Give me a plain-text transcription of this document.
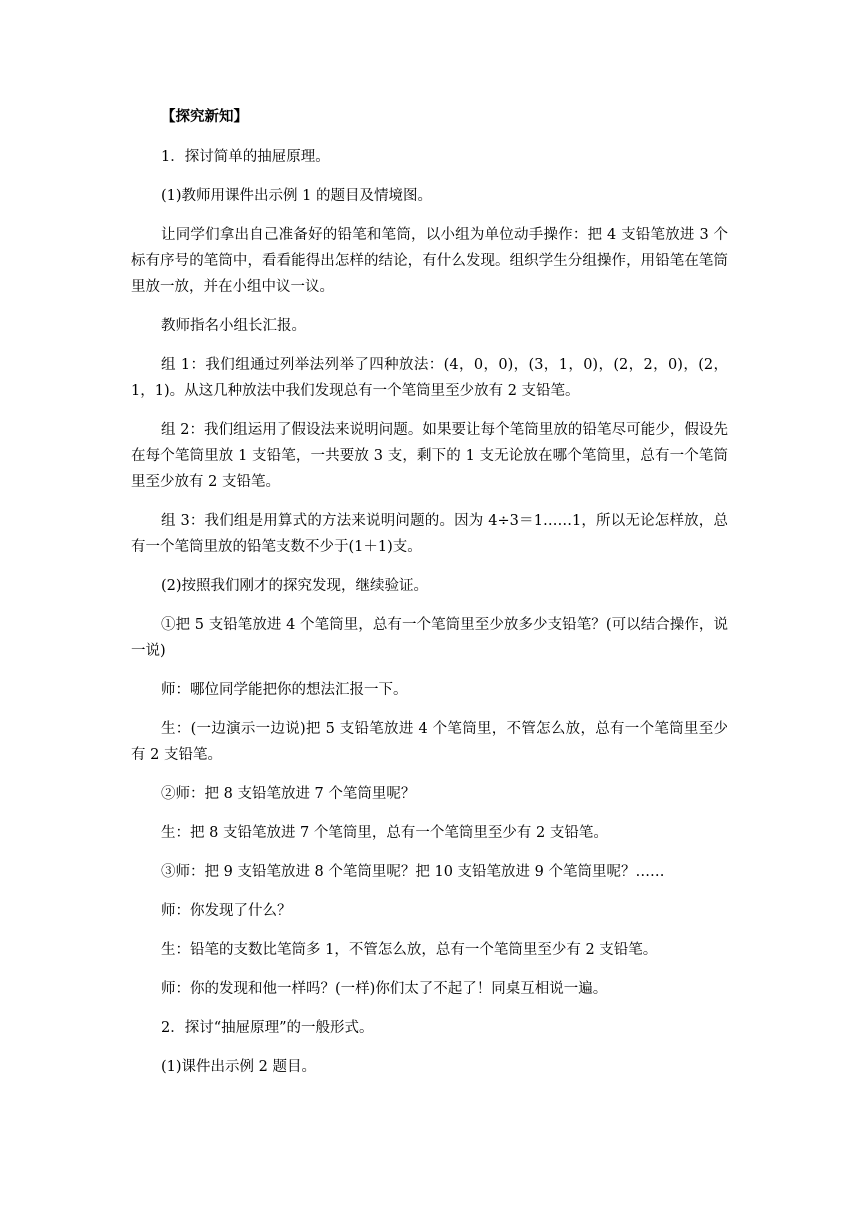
【探究新知】

1．探讨简单的抽屉原理。

(1)教师用课件出示例 1 的题目及情境图。

让同学们拿出自己准备好的铅笔和笔筒，以小组为单位动手操作：把 4 支铅笔放进 3 个标有序号的笔筒中，看看能得出怎样的结论，有什么发现。组织学生分组操作，用铅笔在笔筒里放一放，并在小组中议一议。

教师指名小组长汇报。

组 1：我们组通过列举法列举了四种放法：(4，0，0)，(3，1，0)，(2，2，0)，(2，1，1)。从这几种放法中我们发现总有一个笔筒里至少放有 2 支铅笔。

组 2：我们组运用了假设法来说明问题。如果要让每个笔筒里放的铅笔尽可能少，假设先在每个笔筒里放 1 支铅笔，一共要放 3 支，剩下的 1 支无论放在哪个笔筒里，总有一个笔筒里至少放有 2 支铅笔。

组 3：我们组是用算式的方法来说明问题的。因为 4÷3＝1……1，所以无论怎样放，总有一个笔筒里放的铅笔支数不少于(1＋1)支。

(2)按照我们刚才的探究发现，继续验证。

①把 5 支铅笔放进 4 个笔筒里，总有一个笔筒里至少放多少支铅笔？(可以结合操作，说一说)

师：哪位同学能把你的想法汇报一下。

生：(一边演示一边说)把 5 支铅笔放进 4 个笔筒里，不管怎么放，总有一个笔筒里至少有 2 支铅笔。

②师：把 8 支铅笔放进 7 个笔筒里呢？

生：把 8 支铅笔放进 7 个笔筒里，总有一个笔筒里至少有 2 支铅笔。

③师：把 9 支铅笔放进 8 个笔筒里呢？把 10 支铅笔放进 9 个笔筒里呢？……

师：你发现了什么？

生：铅笔的支数比笔筒多 1，不管怎么放，总有一个笔筒里至少有 2 支铅笔。

师：你的发现和他一样吗？(一样)你们太了不起了！同桌互相说一遍。

2．探讨“抽屉原理”的一般形式。

(1)课件出示例 2 题目。
